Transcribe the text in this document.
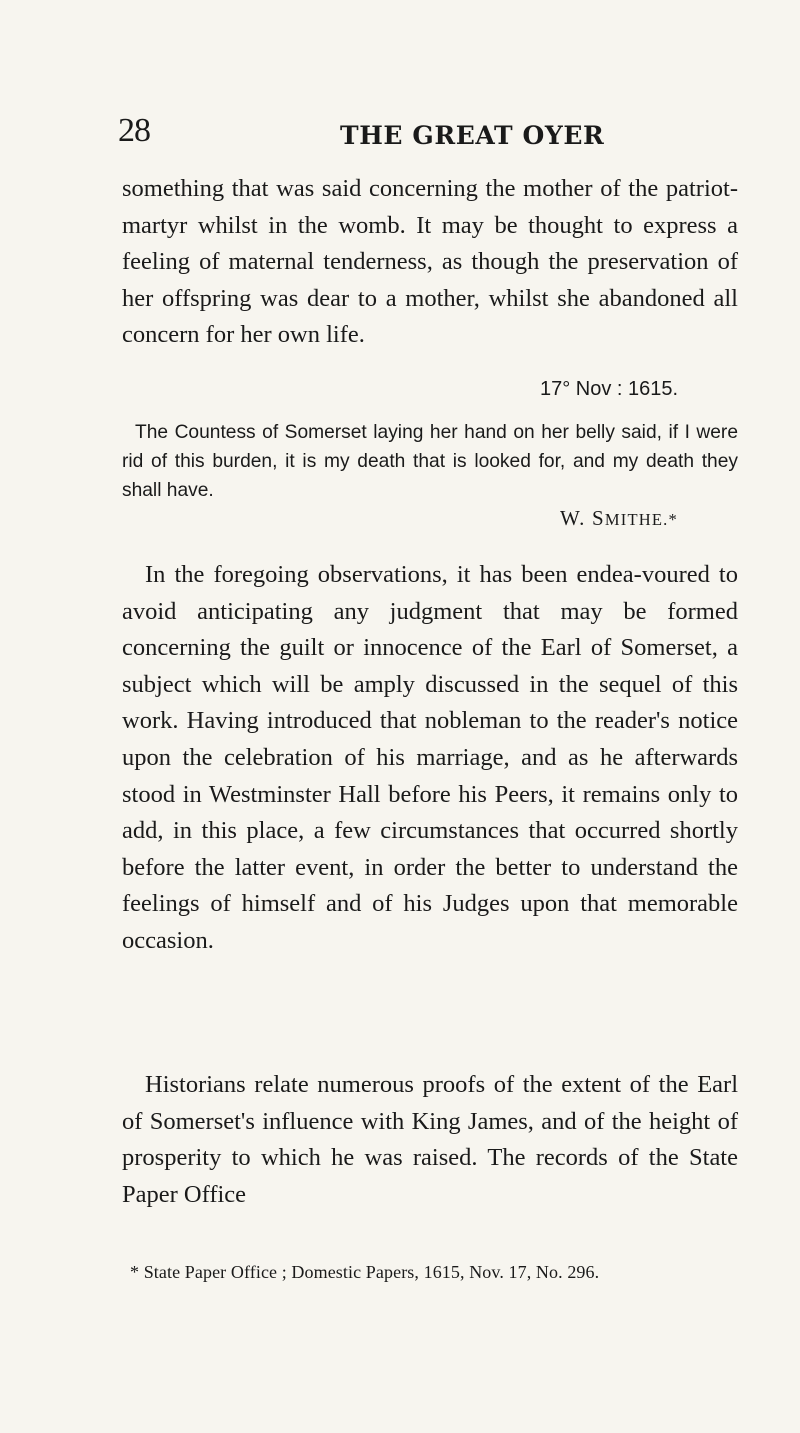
28	THE GREAT OYER

something that was said concerning the mother of the patriot-martyr whilst in the womb. It may be thought to express a feeling of maternal tenderness, as though the preservation of her offspring was dear to a mother, whilst she abandoned all concern for her own life.

17° Nov : 1615.

The Countess of Somerset laying her hand on her belly said, if I were rid of this burden, it is my death that is looked for, and my death they shall have.

W. SMITHE.*

In the foregoing observations, it has been endea-voured to avoid anticipating any judgment that may be formed concerning the guilt or innocence of the Earl of Somerset, a subject which will be amply discussed in the sequel of this work. Having introduced that nobleman to the reader's notice upon the celebration of his marriage, and as he afterwards stood in Westminster Hall before his Peers, it remains only to add, in this place, a few circumstances that occurred shortly before the latter event, in order the better to understand the feelings of himself and of his Judges upon that memorable occasion.

Historians relate numerous proofs of the extent of the Earl of Somerset's influence with King James, and of the height of prosperity to which he was raised. The records of the State Paper Office

* State Paper Office ; Domestic Papers, 1615, Nov. 17, No. 296.
